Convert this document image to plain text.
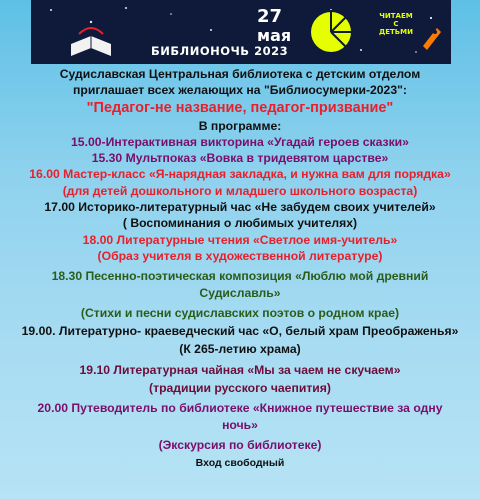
27
мая
БИБЛИОНОЧЬ 2023
ЧИТАЕМ С ДЕТЬМИ
Судиславская Центральная библиотека с детским отделом
приглашает всех желающих на "Библиосумерки-2023":
"Педагог-не название, педагог-призвание"
В программе:
15.00-Интерактивная викторина «Угадай героев сказки»
15.30 Мультпоказ «Вовка в тридевятом царстве»
16.00 Мастер-класс «Я-нарядная закладка, и нужна вам для порядка»
(для детей дошкольного и младшего школьного возраста)
17.00 Историко-литературный час «Не забудем своих учителей»
( Воспоминания о любимых учителях)
18.00 Литературные чтения «Светлое имя-учитель»
(Образ учителя в художественной литературе)
18.30 Песенно-поэтическая композиция «Люблю мой древний
Судиславль»
(Стихи и песни судиславских поэтов о родном крае)
19.00. Литературно- краеведческий час «О, белый храм Преображенья»
(К 265-летию храма)
19.10 Литературная чайная «Мы за чаем не скучаем»
(традиции русского чаепития)
20.00 Путеводитель по библиотеке «Книжное путешествие за одну
ночь»
(Экскурсия по библиотеке)
Вход свободный
